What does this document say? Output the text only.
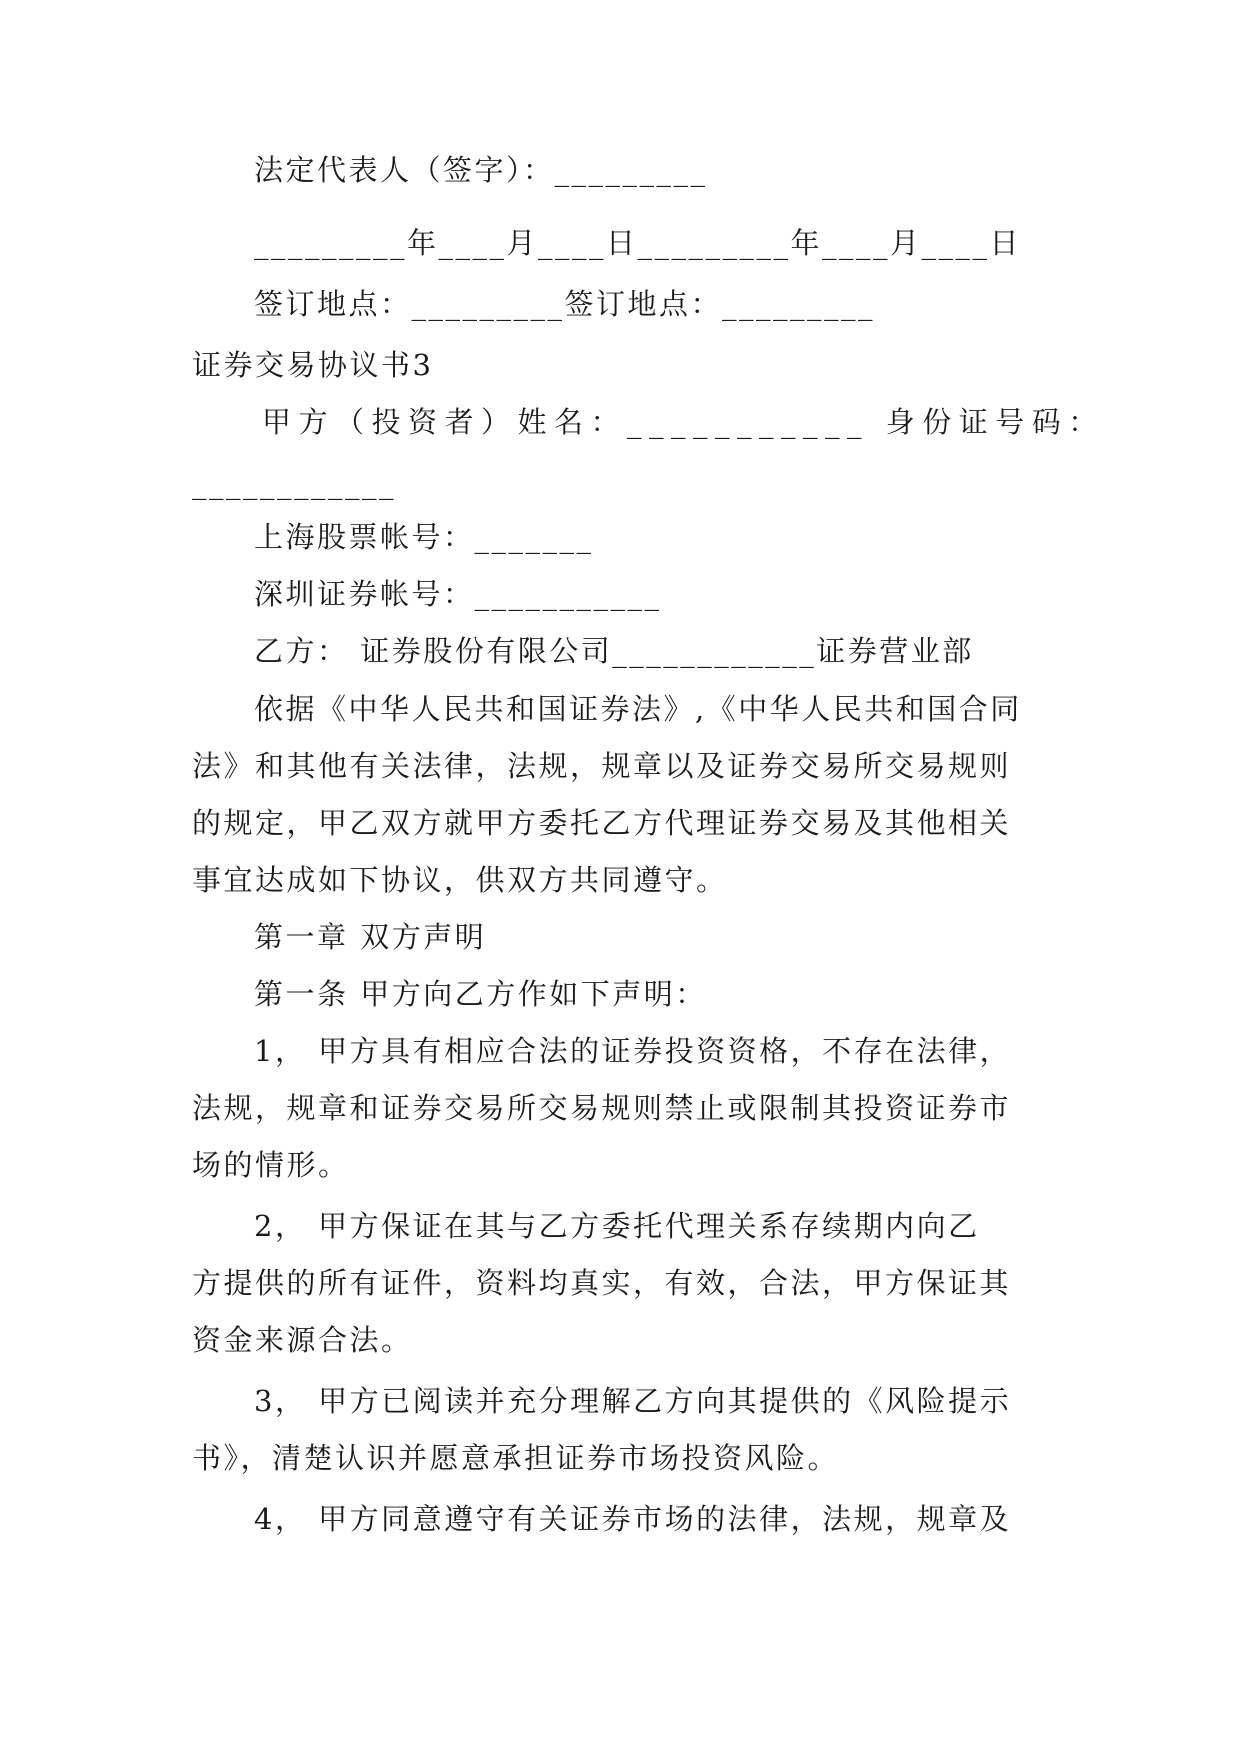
法定代表人（签字）：_________
_________年____月____日_________年____月____日
签订地点：_________签订地点：_________
证券交易协议书3
甲方（投资者）姓名：___________ 身份证号码：
____________
上海股票帐号：_______
深圳证券帐号：___________
乙方： 证券股份有限公司____________证券营业部
依据《中华人民共和国证券法》,《中华人民共和国合同
法》和其他有关法律，法规，规章以及证券交易所交易规则
的规定，甲乙双方就甲方委托乙方代理证券交易及其他相关
事宜达成如下协议，供双方共同遵守。
第一章 双方声明
第一条 甲方向乙方作如下声明：
1， 甲方具有相应合法的证券投资资格，不存在法律，
法规，规章和证券交易所交易规则禁止或限制其投资证券市
场的情形。
2， 甲方保证在其与乙方委托代理关系存续期内向乙
方提供的所有证件，资料均真实，有效，合法，甲方保证其
资金来源合法。
3， 甲方已阅读并充分理解乙方向其提供的《风险提示
书》，清楚认识并愿意承担证券市场投资风险。
4， 甲方同意遵守有关证券市场的法律，法规，规章及
